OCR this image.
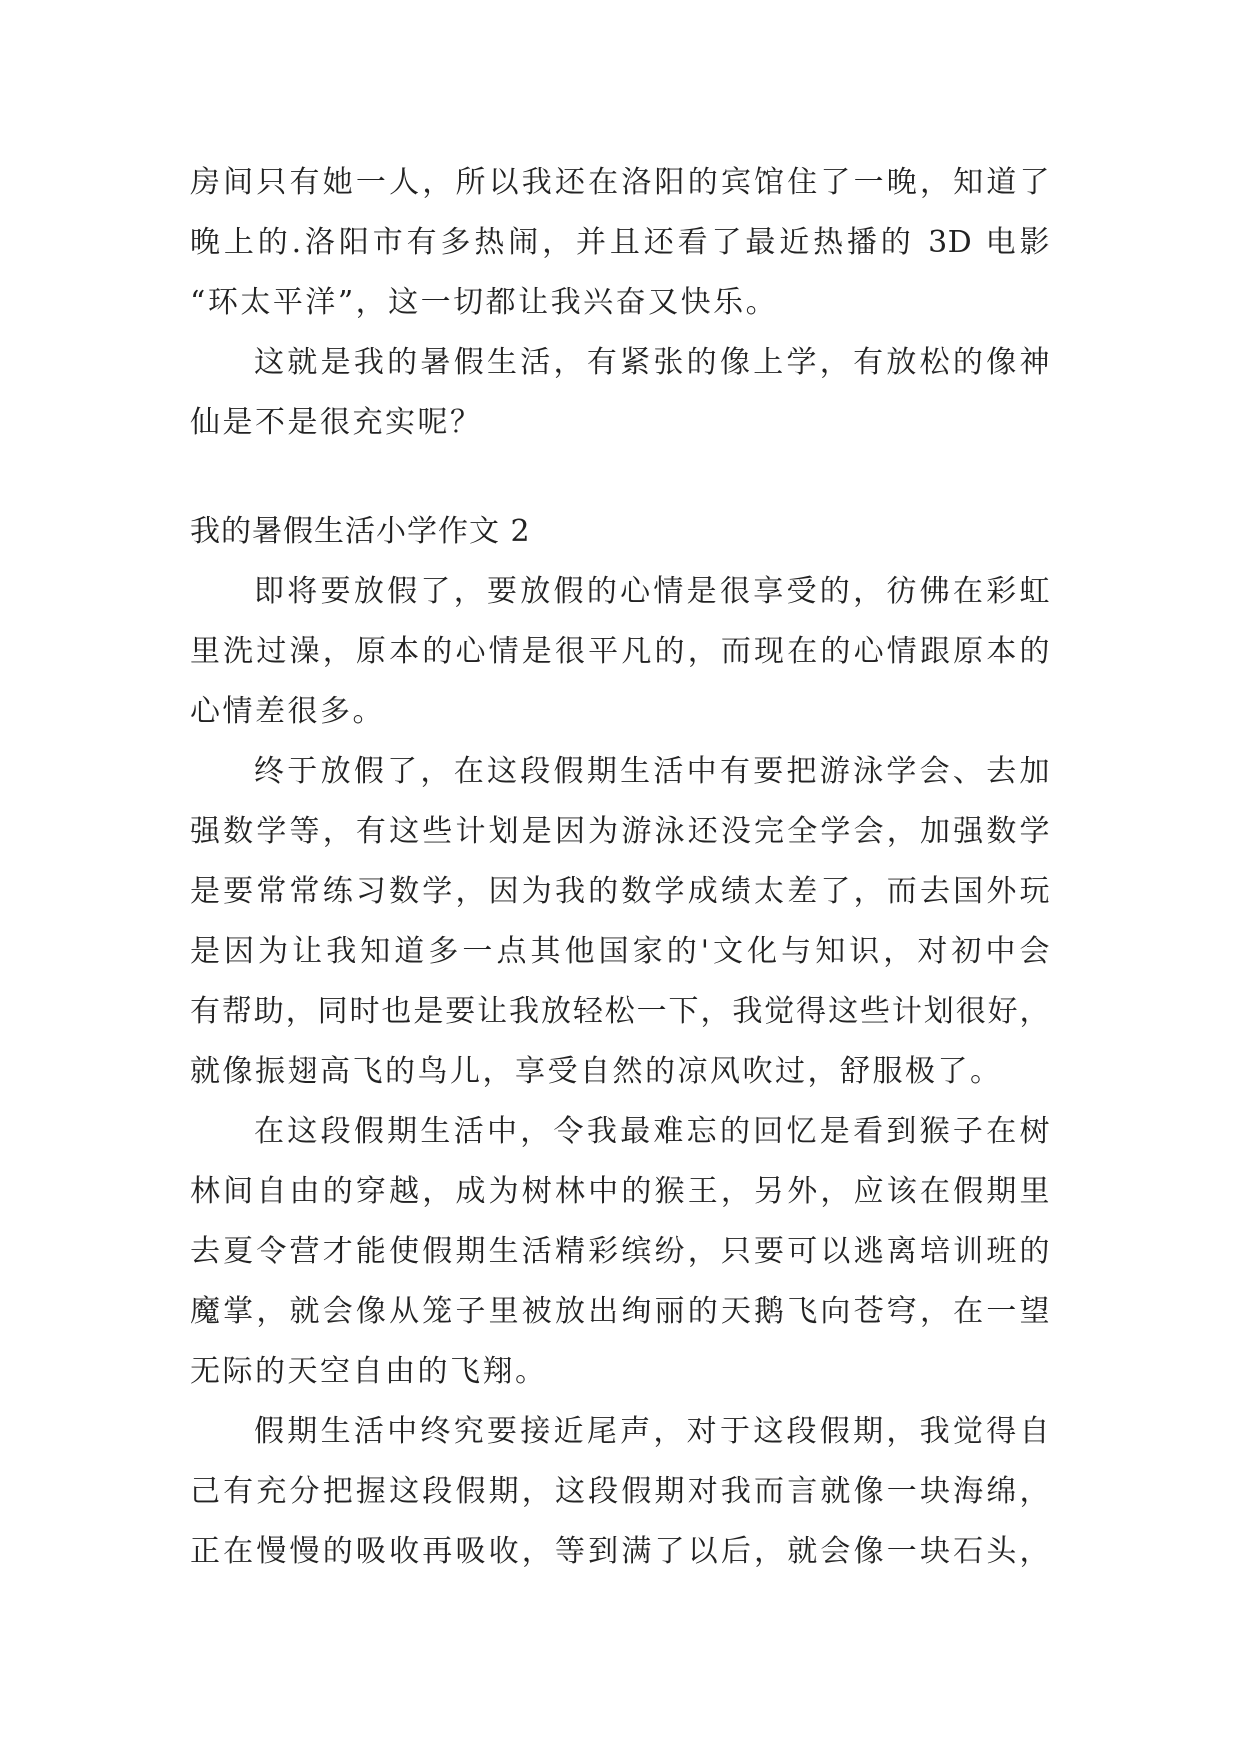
房间只有她一人，所以我还在洛阳的宾馆住了一晚，知道了
晚上的.洛阳市有多热闹，并且还看了最近热播的 3D 电影
“环太平洋”，这一切都让我兴奋又快乐。
这就是我的暑假生活，有紧张的像上学，有放松的像神
仙是不是很充实呢？
我的暑假生活小学作文 2
即将要放假了，要放假的心情是很享受的，彷佛在彩虹
里洗过澡，原本的心情是很平凡的，而现在的心情跟原本的
心情差很多。
终于放假了，在这段假期生活中有要把游泳学会、去加
强数学等，有这些计划是因为游泳还没完全学会，加强数学
是要常常练习数学，因为我的数学成绩太差了，而去国外玩
是因为让我知道多一点其他国家的'文化与知识，对初中会
有帮助，同时也是要让我放轻松一下，我觉得这些计划很好，
就像振翅高飞的鸟儿，享受自然的凉风吹过，舒服极了。
在这段假期生活中，令我最难忘的回忆是看到猴子在树
林间自由的穿越，成为树林中的猴王，另外，应该在假期里
去夏令营才能使假期生活精彩缤纷，只要可以逃离培训班的
魔掌，就会像从笼子里被放出绚丽的天鹅飞向苍穹，在一望
无际的天空自由的飞翔。
假期生活中终究要接近尾声，对于这段假期，我觉得自
己有充分把握这段假期，这段假期对我而言就像一块海绵，
正在慢慢的吸收再吸收，等到满了以后，就会像一块石头，
